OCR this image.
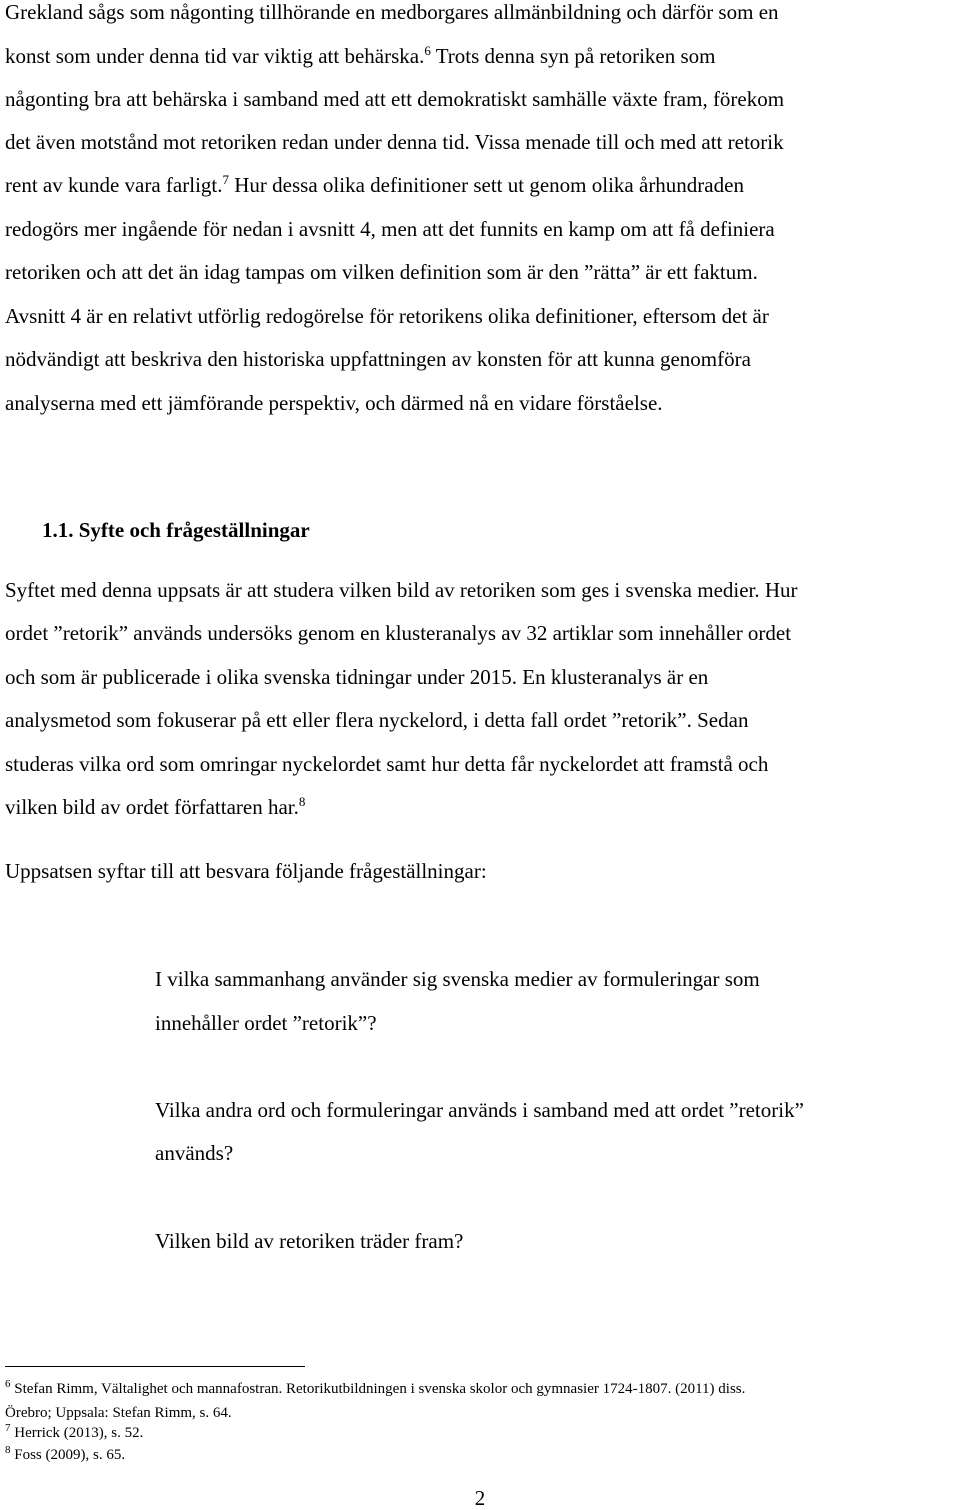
Grekland sågs som någonting tillhörande en medborgares allmänbildning och därför som en
konst som under denna tid var viktig att behärska.$^6$ Trots denna syn på retoriken som
någonting bra att behärska i samband med att ett demokratiskt samhälle växte fram, förekom
det även motstånd mot retoriken redan under denna tid. Vissa menade till och med att retorik
rent av kunde vara farligt.$^7$ Hur dessa olika definitioner sett ut genom olika århundraden
redogörs mer ingående för nedan i avsnitt 4, men att det funnits en kamp om att få definiera
retoriken och att det än idag tampas om vilken definition som är den ”rätta” är ett faktum.
Avsnitt 4 är en relativt utförlig redogörelse för retorikens olika definitioner, eftersom det är
nödvändigt att beskriva den historiska uppfattningen av konsten för att kunna genomföra
analyserna med ett jämförande perspektiv, och därmed nå en vidare förståelse.
1.1. Syfte och frågeställningar
Syftet med denna uppsats är att studera vilken bild av retoriken som ges i svenska medier. Hur
ordet ”retorik” används undersöks genom en klusteranalys av 32 artiklar som innehåller ordet
och som är publicerade i olika svenska tidningar under 2015. En klusteranalys är en
analysmetod som fokuserar på ett eller flera nyckelord, i detta fall ordet ”retorik”. Sedan
studeras vilka ord som omringar nyckelordet samt hur detta får nyckelordet att framstå och
vilken bild av ordet författaren har.$^8$
Uppsatsen syftar till att besvara följande frågeställningar:
I vilka sammanhang använder sig svenska medier av formuleringar som
innehåller ordet ”retorik”?
Vilka andra ord och formuleringar används i samband med att ordet ”retorik”
används?
Vilken bild av retoriken träder fram?
$^6$ Stefan Rimm, Vältalighet och mannafostran. Retorikutbildningen i svenska skolor och gymnasier 1724-1807. (2011) diss.
Örebro; Uppsala: Stefan Rimm, s. 64.
$^7$ Herrick (2013), s. 52.
$^8$ Foss (2009), s. 65.
2
